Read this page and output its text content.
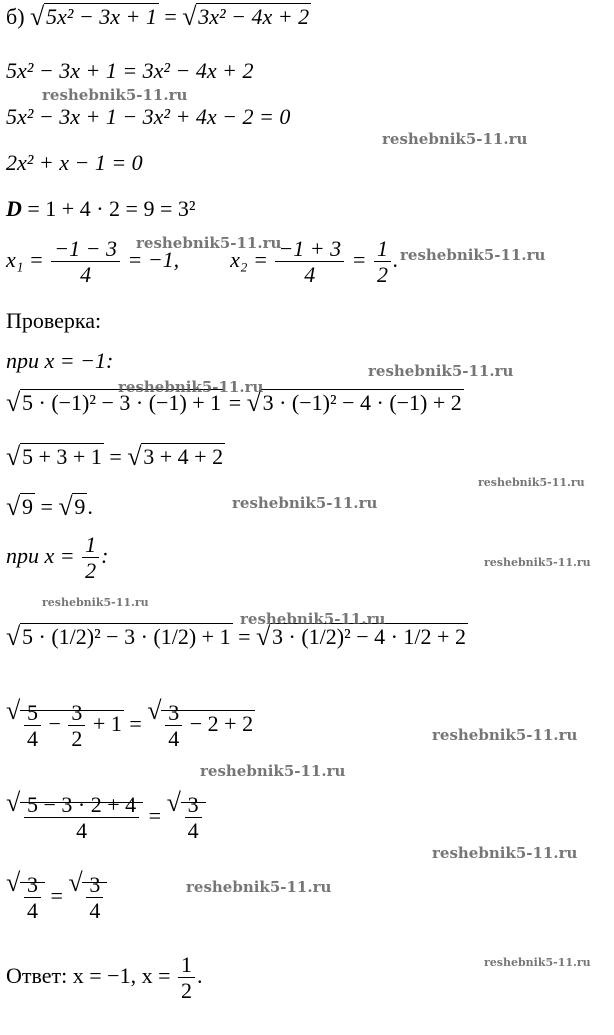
б) √ 5x² − 3x + 1 = √ 3x² − 4x + 2
5x² − 3x + 1 = 3x² − 4x + 2
5x² − 3x + 1 − 3x² + 4x − 2 = 0
2x² + x − 1 = 0
D = 1 + 4 · 2 = 9 = 3²
$x_1 = \frac{-1 - 3}{4} = -1$, $x_2 = \frac{-1 + 3}{4} = \frac{1}{2}$ .
Проверка:
при x = −1:
√ 5 · (−1)² − 3 · (−1) + 1 = √ 3 · (−1)² − 4 · (−1) + 2
√ 5 + 3 + 1 = √ 3 + 4 + 2
√ 9 = √ 9.
при $x = \frac{1}{2}$ :
√ 5 · (1/2)² − 3 · (1/2) + 1 = √ 3 · (1/2)² − 4 · 1/2 + 2
√ $\frac{5}{4} - \frac{3}{2} + 1$ = √ $\frac{3}{4} - 2 + 2$
√ $\frac{5 - 3 \cdot 2 + 4}{4}$ = √ $\frac{3}{4}$
√ $\frac{3}{4}$ = √ $\frac{3}{4}$
Ответ: x = −1, $x = \frac{1}{2}$ .
reshebnik5-11.ru
reshebnik5-11.ru
reshebnik5-11.ru
reshebnik5-11.ru
reshebnik5-11.ru
reshebnik5-11.ru
reshebnik5-11.ru
reshebnik5-11.ru
reshebnik5-11.ru
reshebnik5-11.ru
reshebnik5-11.ru
reshebnik5-11.ru
reshebnik5-11.ru
reshebnik5-11.ru
reshebnik5-11.ru
reshebnik5-11.ru
